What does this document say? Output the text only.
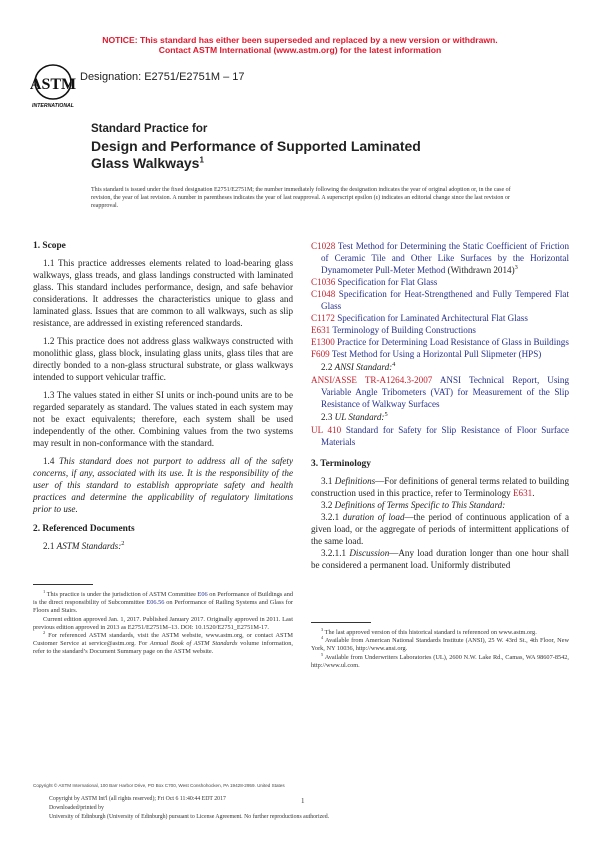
NOTICE: This standard has either been superseded and replaced by a new version or withdrawn.
Contact ASTM International (www.astm.org) for the latest information
ASTM
INTERNATIONAL
Designation: E2751/E2751M – 17
Standard Practice for
Design and Performance of Supported Laminated Glass Walkways$^1$
This standard is issued under the fixed designation E2751/E2751M; the number immediately following the designation indicates the year of original adoption or, in the case of revision, the year of last revision. A number in parentheses indicates the year of last reapproval. A superscript epsilon (ε) indicates an editorial change since the last revision or reapproval.
1. Scope

1.1 This practice addresses elements related to load-bearing glass walkways, glass treads, and glass landings constructed with laminated glass. This standard includes performance, design, and safe behavior considerations. It addresses the characteristics unique to glass and laminated glass. Issues that are common to all walkways, such as slip resistance, are addressed in existing referenced standards.

1.2 This practice does not address glass walkways constructed with monolithic glass, glass block, insulating glass units, glass tiles that are directly bonded to a non-glass structural substrate, or glass walkways intended to support vehicular traffic.

1.3 The values stated in either SI units or inch-pound units are to be regarded separately as standard. The values stated in each system may not be exact equivalents; therefore, each system shall be used independently of the other. Combining values from the two systems may result in non-conformance with the standard.

1.4 This standard does not purport to address all of the safety concerns, if any, associated with its use. It is the responsibility of the user of this standard to establish appropriate safety and health practices and determine the applicability of regulatory limitations prior to use.

2. Referenced Documents

2.1 ASTM Standards:$^2$

$^1$ This practice is under the jurisdiction of ASTM Committee E06 on Performance of Buildings and is the direct responsibility of Subcommittee E06.56 on Performance of Railing Systems and Glass for Floors and Stairs.

Current edition approved Jan. 1, 2017. Published January 2017. Originally approved in 2011. Last previous edition approved in 2013 as E2751/E2751M–13. DOI: 10.1520/E2751_E2751M-17.

$^2$ For referenced ASTM standards, visit the ASTM website, www.astm.org, or contact ASTM Customer Service at service@astm.org. For Annual Book of ASTM Standards volume information, refer to the standard’s Document Summary page on the ASTM website.

C1028 Test Method for Determining the Static Coefficient of Friction of Ceramic Tile and Other Like Surfaces by the Horizontal Dynamometer Pull-Meter Method (Withdrawn 2014)$^3$
C1036 Specification for Flat Glass
C1048 Specification for Heat-Strengthened and Fully Tempered Flat Glass
C1172 Specification for Laminated Architectural Flat Glass
E631 Terminology of Building Constructions
E1300 Practice for Determining Load Resistance of Glass in Buildings
F609 Test Method for Using a Horizontal Pull Slipmeter (HPS)
2.2 ANSI Standard:$^4$
ANSI/ASSE TR-A1264.3-2007 ANSI Technical Report, Using Variable Angle Tribometers (VAT) for Measurement of the Slip Resistance of Walkway Surfaces
2.3 UL Standard:$^5$
UL 410 Standard for Safety for Slip Resistance of Floor Surface Materials
3. Terminology

3.1 Definitions—For definitions of general terms related to building construction used in this practice, refer to Terminology E631.

3.2 Definitions of Terms Specific to This Standard:

3.2.1 duration of load—the period of continuous application of a given load, or the aggregate of periods of intermittent applications of the same load.

3.2.1.1 Discussion—Any load duration longer than one hour shall be considered a permanent load. Uniformly distributed

$^3$ The last approved version of this historical standard is referenced on www.astm.org.

$^4$ Available from American National Standards Institute (ANSI), 25 W. 43rd St., 4th Floor, New York, NY 10036, http://www.ansi.org.

$^5$ Available from Underwriters Laboratories (UL), 2600 N.W. Lake Rd., Camas, WA 98607-8542, http://www.ul.com.

Copyright © ASTM International, 100 Barr Harbor Drive, PO Box C700, West Conshohocken, PA 19428-2959. United States
Copyright by ASTM Int'l (all rights reserved); Fri Oct 6 11:40:44 EDT 2017
Downloaded/printed by
University of Edinburgh (University of Edinburgh) pursuant to License Agreement. No further reproductions authorized.
1
